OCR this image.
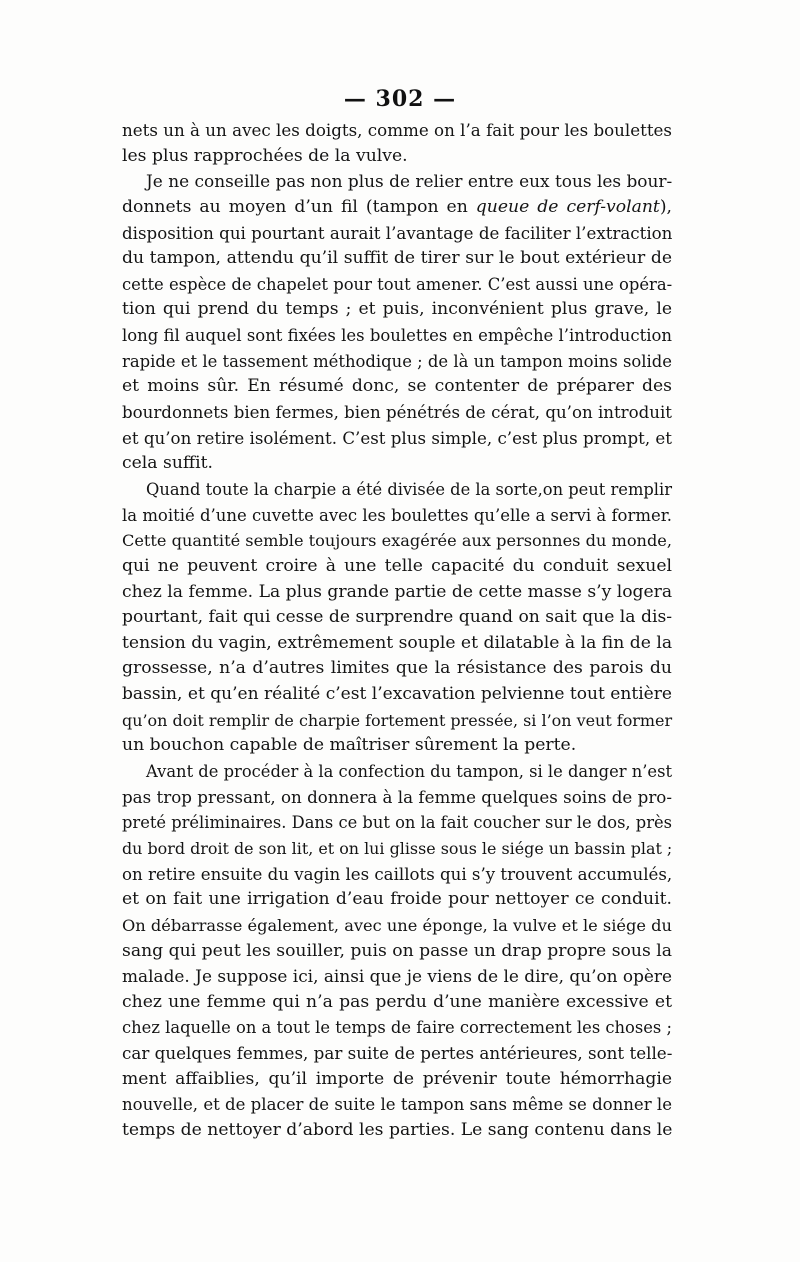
— 302 —
nets un à un avec les doigts, comme on l’a fait pour les boulettes
les plus rapprochées de la vulve.
Je ne conseille pas non plus de relier entre eux tous les bour-
donnets au moyen d’un fil (tampon en queue de cerf-volant),
disposition qui pourtant aurait l’avantage de faciliter l’extraction
du tampon, attendu qu’il suffit de tirer sur le bout extérieur de
cette espèce de chapelet pour tout amener. C’est aussi une opéra-
tion qui prend du temps ; et puis, inconvénient plus grave, le
long fil auquel sont fixées les boulettes en empêche l’introduction
rapide et le tassement méthodique ; de là un tampon moins solide
et moins sûr. En résumé donc, se contenter de préparer des
bourdonnets bien fermes, bien pénétrés de cérat, qu’on introduit
et qu’on retire isolément. C’est plus simple, c’est plus prompt, et
cela suffit.
Quand toute la charpie a été divisée de la sorte,on peut remplir
la moitié d’une cuvette avec les boulettes qu’elle a servi à former.
Cette quantité semble toujours exagérée aux personnes du monde,
qui ne peuvent croire à une telle capacité du conduit sexuel
chez la femme. La plus grande partie de cette masse s’y logera
pourtant, fait qui cesse de surprendre quand on sait que la dis-
tension du vagin, extrêmement souple et dilatable à la fin de la
grossesse, n’a d’autres limites que la résistance des parois du
bassin, et qu’en réalité c’est l’excavation pelvienne tout entière
qu’on doit remplir de charpie fortement pressée, si l’on veut former
un bouchon capable de maîtriser sûrement la perte.
Avant de procéder à la confection du tampon, si le danger n’est
pas trop pressant, on donnera à la femme quelques soins de pro-
preté préliminaires. Dans ce but on la fait coucher sur le dos, près
du bord droit de son lit, et on lui glisse sous le siége un bassin plat ;
on retire ensuite du vagin les caillots qui s’y trouvent accumulés,
et on fait une irrigation d’eau froide pour nettoyer ce conduit.
On débarrasse également, avec une éponge, la vulve et le siége du
sang qui peut les souiller, puis on passe un drap propre sous la
malade. Je suppose ici, ainsi que je viens de le dire, qu’on opère
chez une femme qui n’a pas perdu d’une manière excessive et
chez laquelle on a tout le temps de faire correctement les choses ;
car quelques femmes, par suite de pertes antérieures, sont telle-
ment affaiblies, qu’il importe de prévenir toute hémorrhagie
nouvelle, et de placer de suite le tampon sans même se donner le
temps de nettoyer d’abord les parties. Le sang contenu dans le
